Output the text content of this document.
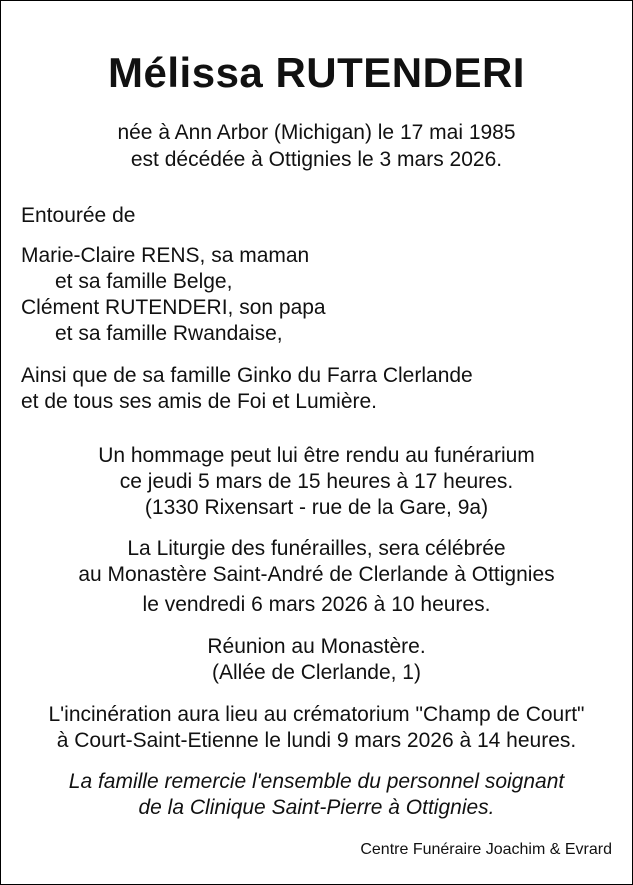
Mélissa RUTENDERI
née à Ann Arbor (Michigan) le 17 mai 1985
est décédée à Ottignies le 3 mars 2026.
Entourée de
Marie-Claire RENS, sa maman
et sa famille Belge,
Clément RUTENDERI, son papa
et sa famille Rwandaise,
Ainsi que de sa famille Ginko du Farra Clerlande
et de tous ses amis de Foi et Lumière.
Un hommage peut lui être rendu au funérarium
ce jeudi 5 mars de 15 heures à 17 heures.
(1330 Rixensart - rue de la Gare, 9a)
La Liturgie des funérailles, sera célébrée
au Monastère Saint-André de Clerlande à Ottignies
le vendredi 6 mars 2026 à 10 heures.
Réunion au Monastère.
(Allée de Clerlande, 1)
L'incinération aura lieu au crématorium "Champ de Court"
à Court-Saint-Etienne le lundi 9 mars 2026 à 14 heures.
La famille remercie l'ensemble du personnel soignant
de la Clinique Saint-Pierre à Ottignies.
Centre Funéraire Joachim & Evrard
